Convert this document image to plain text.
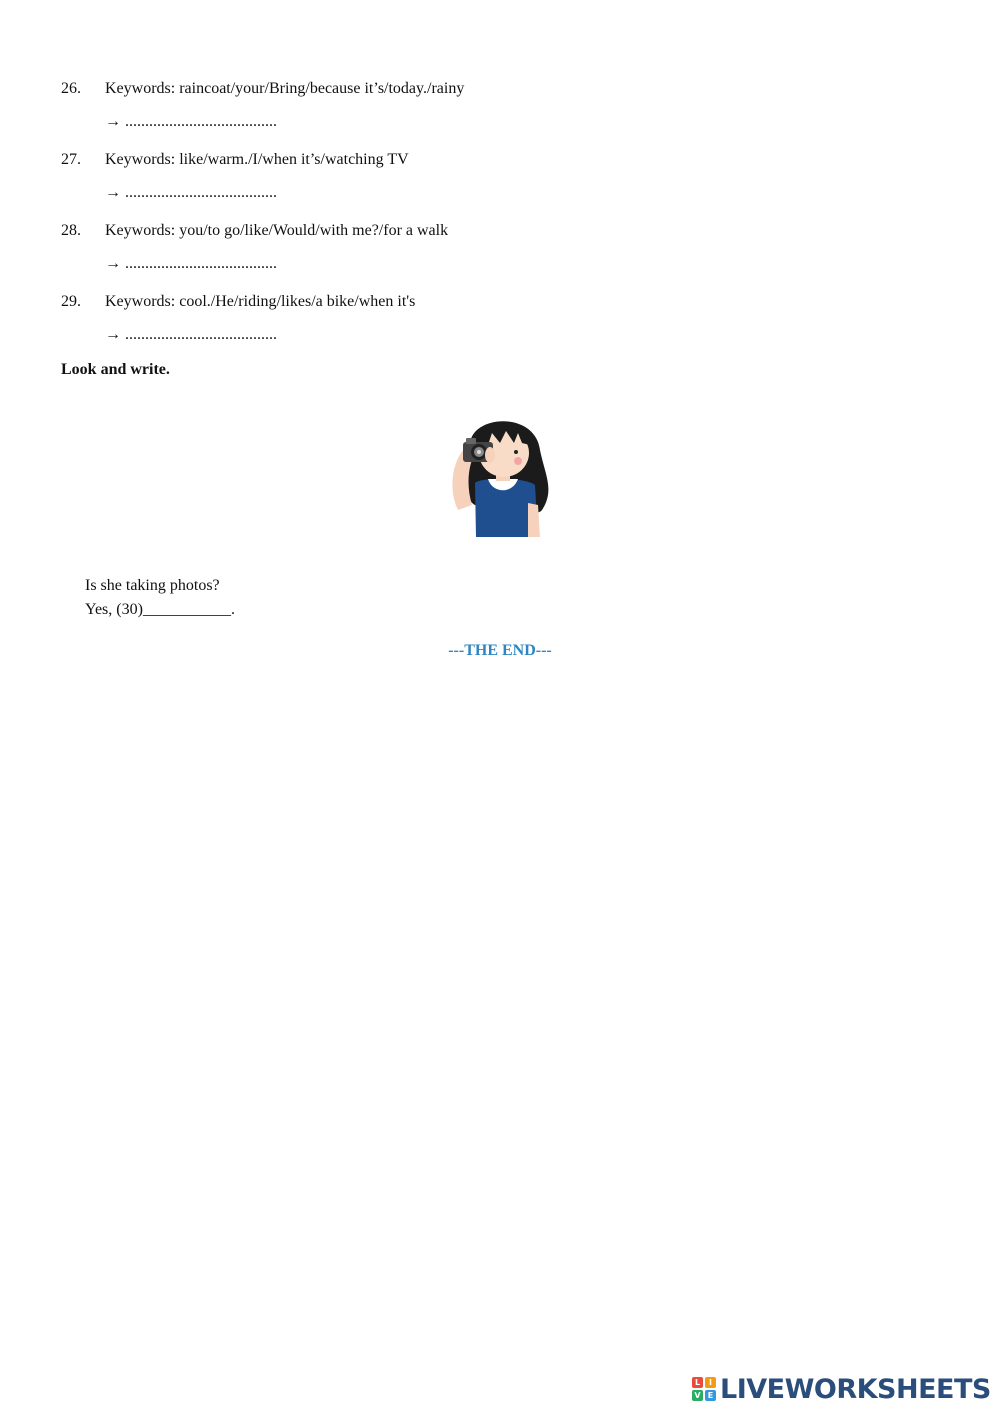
26. Keywords: raincoat/your/Bring/because it’s/today./rainy
→ ......................................
27. Keywords: like/warm./I/when it’s/watching TV
→ ......................................
28. Keywords: you/to go/like/Would/with me?/for a walk
→ ......................................
29. Keywords: cool./He/riding/likes/a bike/when it's
→ ......................................
Look and write.
Is she taking photos?
Yes, (30)___________.
---THE END---
L	I
V E LIVEWORKSHEETS
